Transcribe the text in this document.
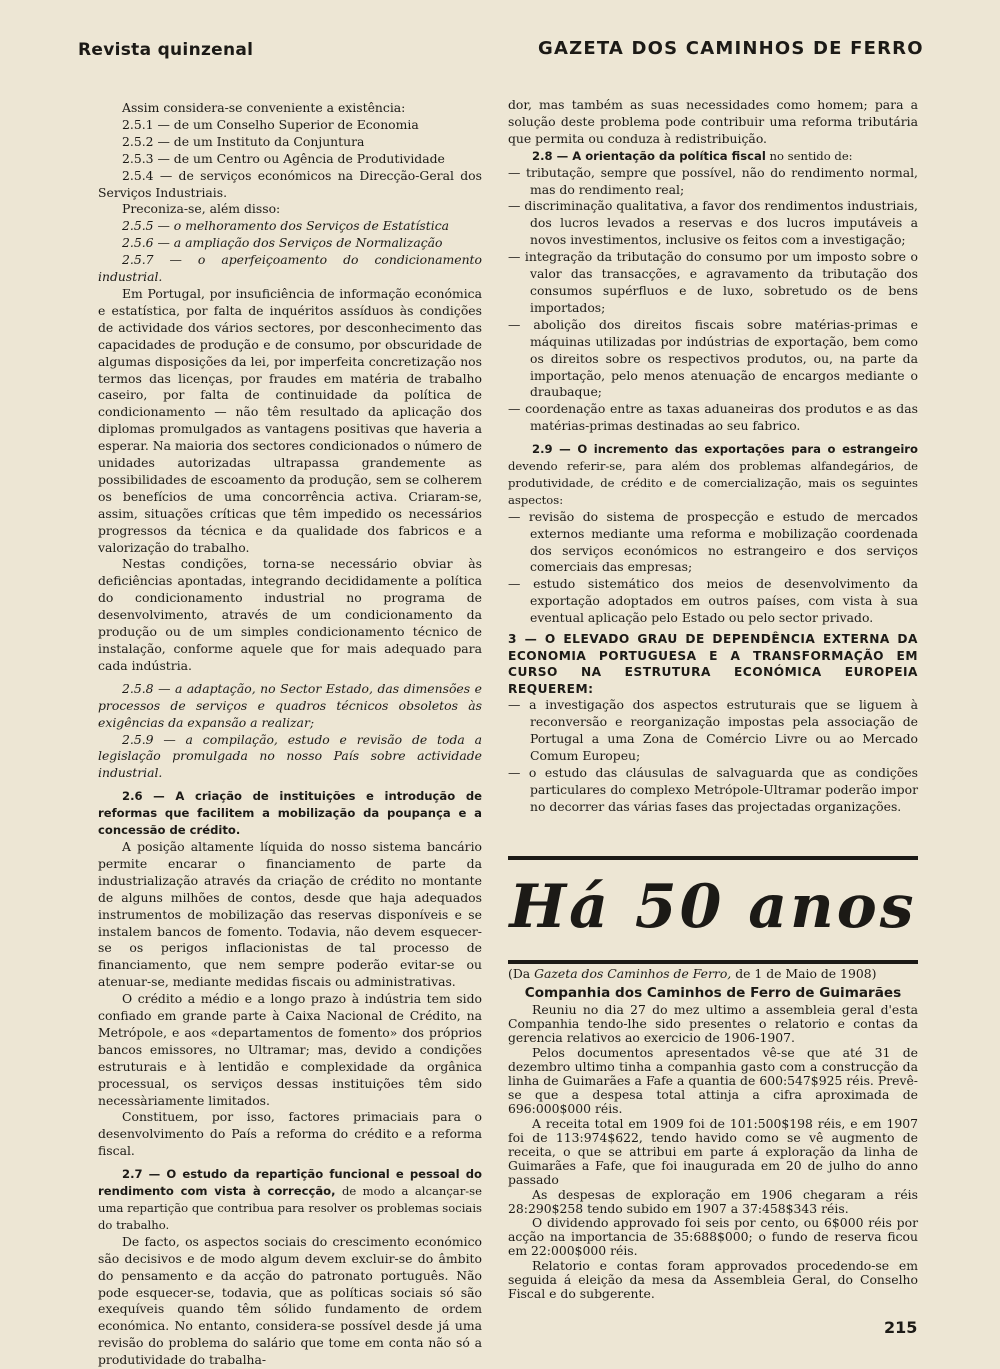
Revista quinzenal	GAZETA DOS CAMINHOS DE FERRO

Assim considera-se conveniente a existência:

2.5.1 — de um Conselho Superior de Economia

2.5.2 — de um Instituto da Conjuntura

2.5.3 — de um Centro ou Agência de Produtividade

2.5.4 — de serviços económicos na Direcção-Geral dos Serviços Industriais.

Preconiza-se, além disso:

2.5.5 — o melhoramento dos Serviços de Estatística

2.5.6 — a ampliação dos Serviços de Normalização

2.5.7 — o aperfeiçoamento do condicionamento industrial.

Em Portugal, por insuficiência de informação económica e estatística, por falta de inquéritos assíduos às condições de actividade dos vários sectores, por desconhecimento das capacidades de produção e de consumo, por obscuridade de algumas disposições da lei, por imperfeita concretização nos termos das licenças, por fraudes em matéria de trabalho caseiro, por falta de continuidade da política de condicionamento — não têm resultado da aplicação dos diplomas promulgados as vantagens positivas que haveria a esperar. Na maioria dos sectores condicionados o número de unidades autorizadas ultrapassa grandemente as possibilidades de escoamento da produção, sem se colherem os benefícios de uma concorrência activa. Criaram-se, assim, situações críticas que têm impedido os necessários progressos da técnica e da qualidade dos fabricos e a valorização do trabalho.

Nestas condições, torna-se necessário obviar às deficiências apontadas, integrando decididamente a política do condicionamento industrial no programa de desenvolvimento, através de um condicionamento da produção ou de um simples condicionamento técnico de instalação, conforme aquele que for mais adequado para cada indústria.

2.5.8 — a adaptação, no Sector Estado, das dimensões e processos de serviços e quadros técnicos obsoletos às exigências da expansão a realizar;

2.5.9 — a compilação, estudo e revisão de toda a legislação promulgada no nosso País sobre actividade industrial.

2.6 — A criação de instituições e introdução de reformas que facilitem a mobilização da poupança e a concessão de crédito.

A posição altamente líquida do nosso sistema bancário permite encarar o financiamento de parte da industrialização através da criação de crédito no montante de alguns milhões de contos, desde que haja adequados instrumentos de mobilização das reservas disponíveis e se instalem bancos de fomento. Todavia, não devem esquecer-se os perigos inflacionistas de tal processo de financiamento, que nem sempre poderão evitar-se ou atenuar-se, mediante medidas fiscais ou administrativas.

O crédito a médio e a longo prazo à indústria tem sido confiado em grande parte à Caixa Nacional de Crédito, na Metrópole, e aos «departamentos de fomento» dos próprios bancos emissores, no Ultramar; mas, devido a condições estruturais e à lentidão e complexidade da orgânica processual, os serviços dessas instituições têm sido necessàriamente limitados.

Constituem, por isso, factores primaciais para o desenvolvimento do País a reforma do crédito e a reforma fiscal.

2.7 — O estudo da repartição funcional e pessoal do rendimento com vista à correcção, de modo a alcançar-se uma repartição que contribua para resolver os problemas sociais do trabalho.

De facto, os aspectos sociais do crescimento económico são decisivos e de modo algum devem excluir-se do âmbito do pensamento e da acção do patronato português. Não pode esquecer-se, todavia, que as políticas sociais só são exequíveis quando têm sólido fundamento de ordem económica. No entanto, considera-se possível desde já uma revisão do problema do salário que tome em conta não só a produtividade do trabalha-

dor, mas também as suas necessidades como homem; para a solução deste problema pode contribuir uma reforma tributária que permita ou conduza à redistribuição.

2.8 — A orientação da política fiscal no sentido de:

— tributação, sempre que possível, não do rendimento normal, mas do rendimento real;

— discriminação qualitativa, a favor dos rendimentos industriais, dos lucros levados a reservas e dos lucros imputáveis a novos investimentos, inclusive os feitos com a investigação;

— integração da tributação do consumo por um imposto sobre o valor das transacções, e agravamento da tributação dos consumos supérfluos e de luxo, sobretudo os de bens importados;

— abolição dos direitos fiscais sobre matérias-primas e máquinas utilizadas por indústrias de exportação, bem como os direitos sobre os respectivos produtos, ou, na parte da importação, pelo menos atenuação de encargos mediante o draubaque;

— coordenação entre as taxas aduaneiras dos produtos e as das matérias-primas destinadas ao seu fabrico.

2.9 — O incremento das exportações para o estrangeiro devendo referir-se, para além dos problemas alfandegários, de produtividade, de crédito e de comercialização, mais os seguintes aspectos:

— revisão do sistema de prospecção e estudo de mercados externos mediante uma reforma e mobilização coordenada dos serviços económicos no estrangeiro e dos serviços comerciais das empresas;

— estudo sistemático dos meios de desenvolvimento da exportação adoptados em outros países, com vista à sua eventual aplicação pelo Estado ou pelo sector privado.

3 — O ELEVADO GRAU DE DEPENDÊNCIA EXTERNA DA ECONOMIA PORTUGUESA E A TRANSFORMAÇÃO EM CURSO NA ESTRUTURA ECONÓMICA EUROPEIA REQUEREM:

— a investigação dos aspectos estruturais que se liguem à reconversão e reorganização impostas pela associação de Portugal a uma Zona de Comércio Livre ou ao Mercado Comum Europeu;

— o estudo das cláusulas de salvaguarda que as condições particulares do complexo Metrópole-Ultramar poderão impor no decorrer das várias fases das projectadas organizações.

Há 50 anos

(Da Gazeta dos Caminhos de Ferro, de 1 de Maio de 1908)

Companhia dos Caminhos de Ferro de Guimarães

Reuniu no dia 27 do mez ultimo a assembleia geral d'esta Companhia tendo-lhe sido presentes o relatorio e contas da gerencia relativos ao exercicio de 1906-1907.

Pelos documentos apresentados vê-se que até 31 de dezembro ultimo tinha a companhia gasto com a construcção da linha de Guimarães a Fafe a quantia de 600:547$925 réis. Prevê-se que a despesa total attinja a cifra aproximada de 696:000$000 réis.

A receita total em 1909 foi de 101:500$198 réis, e em 1907 foi de 113:974$622, tendo havido como se vê augmento de receita, o que se attribui em parte á exploração da linha de Guimarães a Fafe, que foi inaugurada em 20 de julho do anno passado

As despesas de exploração em 1906 chegaram a réis 28:290$258 tendo subido em 1907 a 37:458$343 réis.

O dividendo approvado foi seis por cento, ou 6$000 réis por acção na importancia de 35:688$000; o fundo de reserva ficou em 22:000$000 réis.

Relatorio e contas foram approvados procedendo-se em seguida á eleição da mesa da Assembleia Geral, do Conselho Fiscal e do subgerente.

215
